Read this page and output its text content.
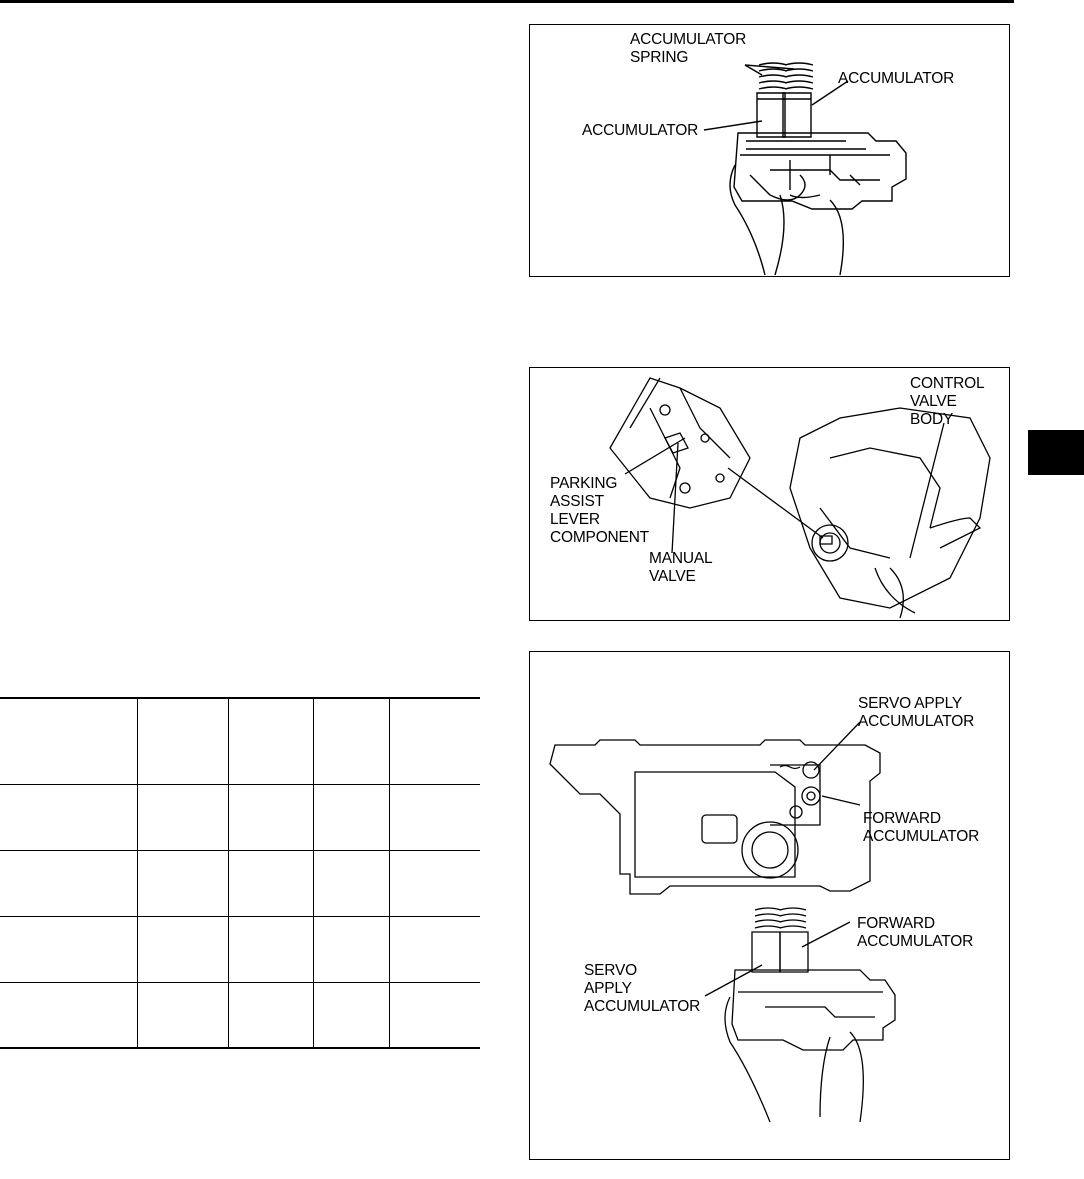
ACCUMULATOR
SPRING
ACCUMULATOR
ACCUMULATOR
CONTROL
VALVE
BODY
PARKING
ASSIST
LEVER
COMPONENT
MANUAL
VALVE
SERVO APPLY
ACCUMULATOR
FORWARD
ACCUMULATOR
FORWARD
ACCUMULATOR
SERVO
APPLY
ACCUMULATOR
